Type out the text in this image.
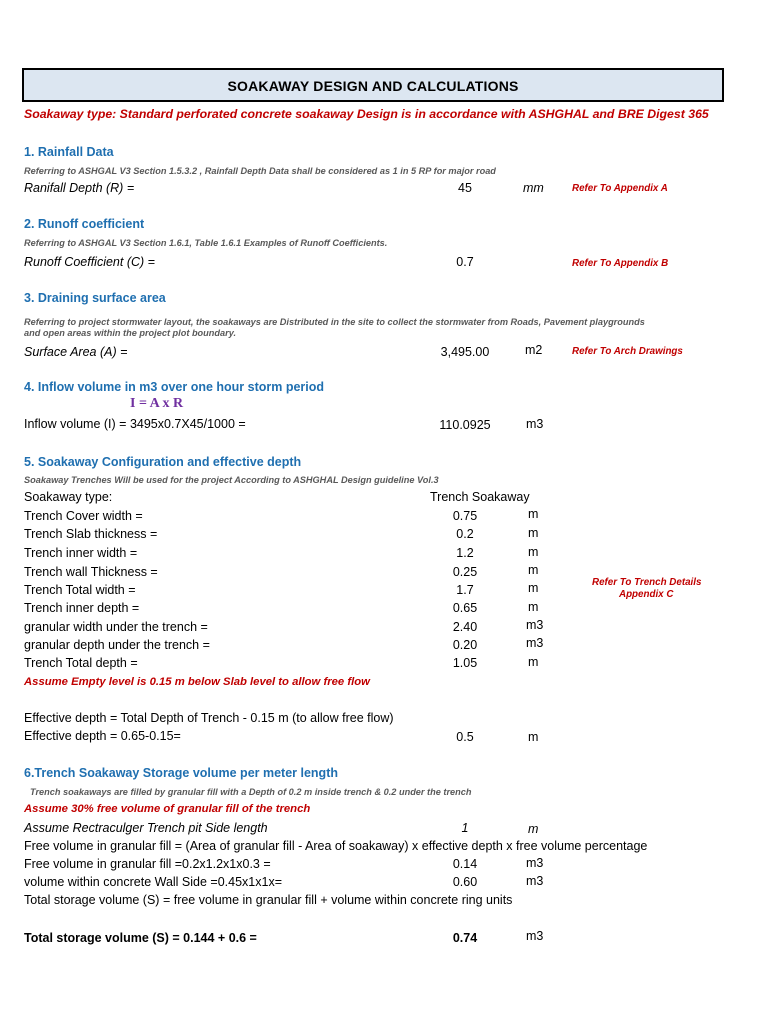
SOAKAWAY DESIGN AND CALCULATIONS
Soakaway type: Standard perforated concrete soakaway Design is in accordance with ASHGHAL and BRE Digest 365
1. Rainfall Data
Referring to ASHGAL V3 Section 1.5.3.2 , Rainfall Depth Data shall be considered as 1 in 5 RP for major road
Ranifall Depth (R) =	45	mm	Refer To Appendix A
2. Runoff coefficient
Referring to ASHGAL V3 Section 1.6.1, Table 1.6.1 Examples of Runoff Coefficients.
Runoff Coefficient (C) =	0.7	Refer To Appendix B
3. Draining surface area
Referring to project stormwater layout, the soakaways are Distributed in the site to collect the stormwater from Roads, Pavement playgrounds
and open areas within the project plot boundary.
Surface Area (A) =	3,495.00	m2	Refer To Arch Drawings
4. Inflow volume in m3 over one hour storm period
I = A x R
Inflow volume (I) = 3495x0.7X45/1000 =	110.0925	m3
5. Soakaway Configuration and effective depth
Soakaway Trenches Will be used for the project According to ASHGHAL Design guideline Vol.3
Soakaway type:	Trench Soakaway
Trench Cover width =	0.75	m
Trench Slab thickness =	0.2	m
Trench inner width =	1.2	m
Trench wall Thickness =	0.25	m
Trench Total width =	1.7	m
Trench inner depth =	0.65	m
granular width under the trench =	2.40	m3
granular depth under the trench =	0.20	m3
Trench Total depth =	1.05	m
Refer To Trench Details
Appendix C
Assume Empty level is 0.15 m below Slab level to allow free flow
Effective depth = Total Depth of Trench - 0.15 m (to allow free flow)
Effective depth = 0.65-0.15=	0.5	m
6.Trench Soakaway Storage volume per meter length
Trench soakaways are filled by granular fill with a Depth of 0.2 m inside trench & 0.2 under the trench
Assume 30% free volume of granular fill of the trench
Assume Rectraculger Trench pit Side length	1	m
Free volume in granular fill = (Area of granular fill - Area of soakaway) x effective depth x free volume percentage
Free volume in granular fill =0.2x1.2x1x0.3 =	0.14	m3
volume within concrete Wall Side =0.45x1x1x=	0.60	m3
Total storage volume (S) = free volume in granular fill + volume within concrete ring units
Total storage volume (S) = 0.144 + 0.6 =	0.74	m3
